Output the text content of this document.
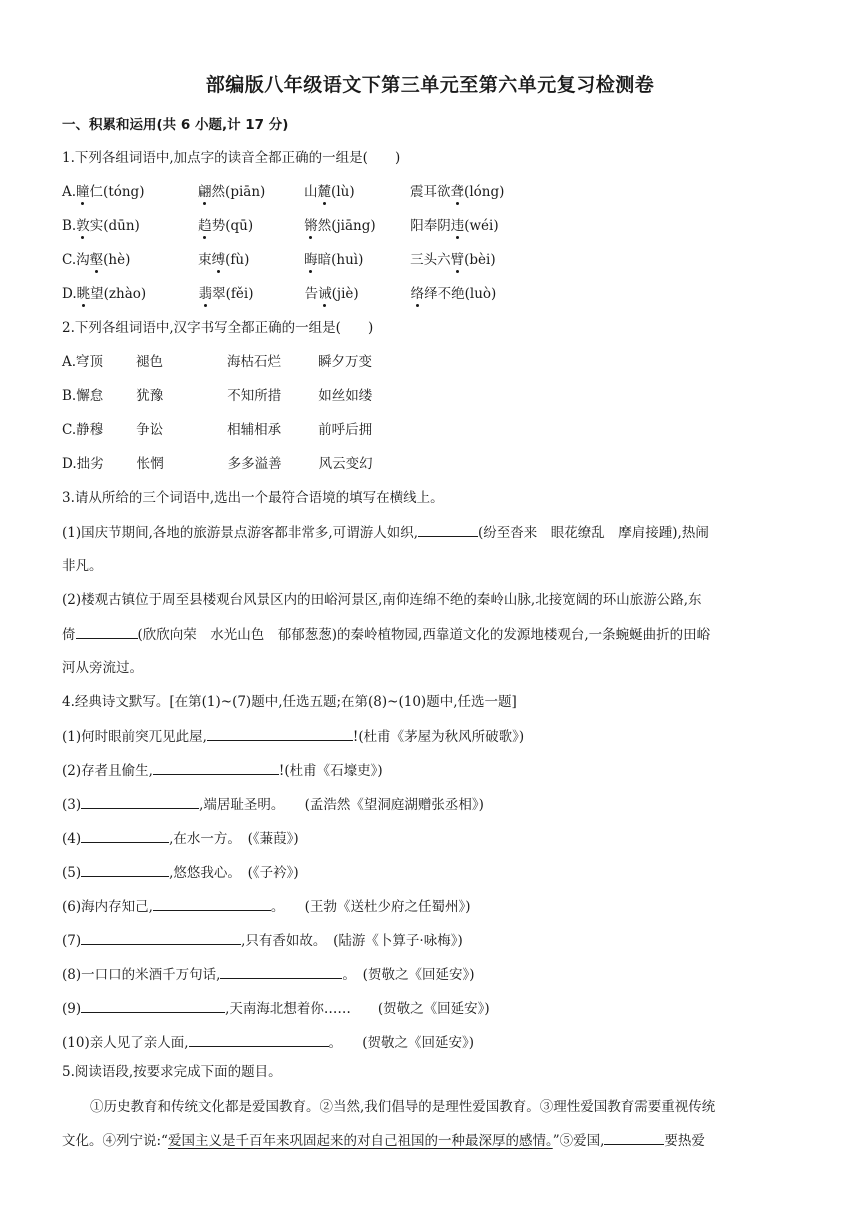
部编版八年级语文下第三单元至第六单元复习检测卷
一、积累和运用(共 6 小题,计 17 分)
1.下列各组词语中,加点字的读音全都正确的一组是(　　)
A.瞳仁(tóng)	翩然(piān)	山麓(lù)	震耳欲聋(lóng)
B.敦实(dūn)	趋势(qū)	锵然(jiāng)	阳奉阴违(wéi)
C.沟壑(hè)	束缚(fù)	晦暗(huì)	三头六臂(bèi)
D.眺望(zhào)	翡翠(fěi)	告诫(jiè)	络绎不绝(luò)
2.下列各组词语中,汉字书写全都正确的一组是(　　)
A.穹顶 褪色	海枯石烂	瞬夕万变
B.懈怠 犹豫	不知所措	如丝如缕
C.静穆 争讼	相辅相承	前呼后拥
D.拙劣 怅惘	多多溢善	风云变幻
3.请从所给的三个词语中,选出一个最符合语境的填写在横线上。
(1)国庆节期间,各地的旅游景点游客都非常多,可谓游人如织,	(纷至沓来　眼花缭乱　摩肩接踵),热闹
非凡。
(2)楼观古镇位于周至县楼观台风景区内的田峪河景区,南仰连绵不绝的秦岭山脉,北接宽阔的环山旅游公路,东
倚	(欣欣向荣　水光山色　郁郁葱葱)的秦岭植物园,西靠道文化的发源地楼观台,一条蜿蜒曲折的田峪
河从旁流过。
4.经典诗文默写。[在第(1)~(7)题中,任选五题;在第(8)~(10)题中,任选一题]
(1)何时眼前突兀见此屋,	!(杜甫《茅屋为秋风所破歌》)
(2)存者且偷生,	!(杜甫《石壕吏》)
(3)	,端居耻圣明。　　(孟浩然《望洞庭湖赠张丞相》)
(4)	,在水一方。　(《蒹葭》)
(5)	,悠悠我心。　(《子衿》)
(6)海内存知己,	。　　(王勃《送杜少府之任蜀州》)
(7)	,只有香如故。　(陆游《卜算子·咏梅》)
(8)一口口的米酒千万句话,	。　(贺敬之《回延安》)
(9)	,天南海北想着你……　　(贺敬之《回延安》)
(10)亲人见了亲人面,	。　　(贺敬之《回延安》)
5.阅读语段,按要求完成下面的题目。
①历史教育和传统文化都是爱国教育。②当然,我们倡导的是理性爱国教育。③理性爱国教育需要重视传统
文化。④列宁说:“爱国主义是千百年来巩固起来的对自己祖国的一种最深厚的感情。”⑤爱国,	要热爱
